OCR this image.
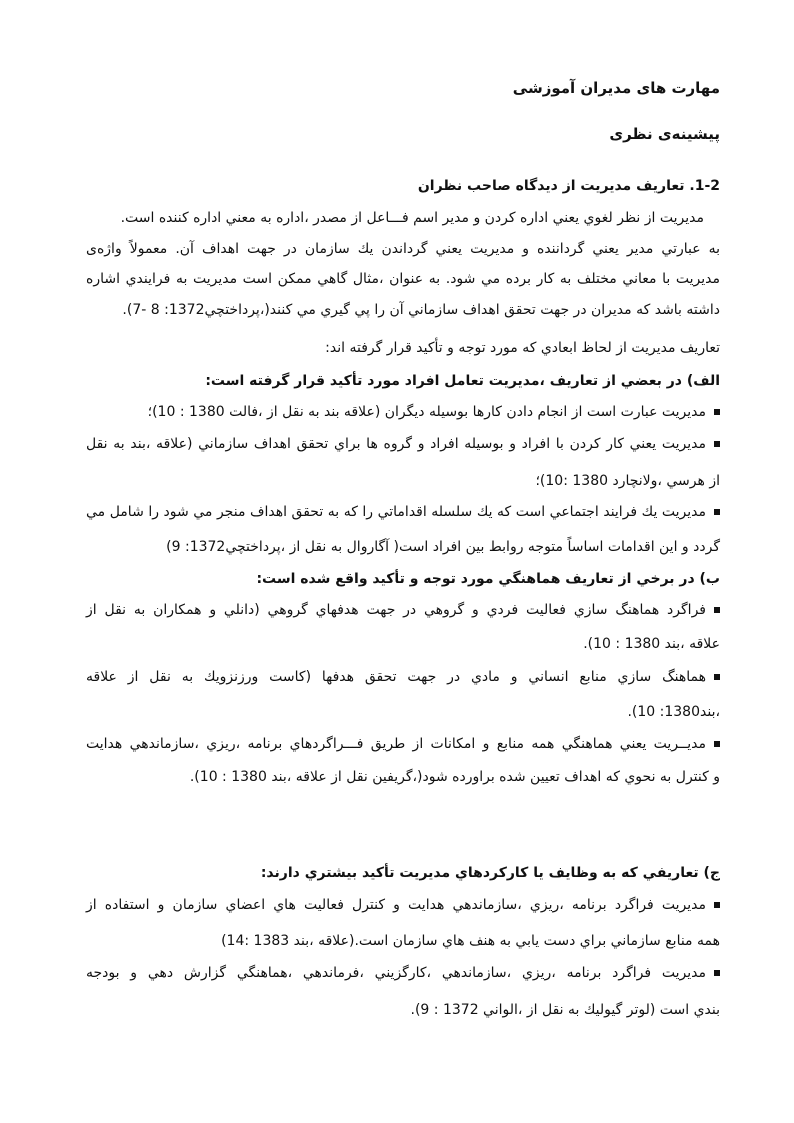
مهارت هاى مديران آموزشى
پيشينه‌ی نظری
1-2. تعاريف مديريت از ديدگاه صاحب نظران
مديريت از نظر لغوي يعني اداره كردن و مدير اسم فـــاعل از مصدر ،اداره به معني اداره كننده است.
به عبارتي مدير يعني گرداننده و مديريت يعني گرداندن يك سازمان در جهت اهداف آن. معمولاً واژه‌ی
مديريت با معاني مختلف به كار برده مي شود. به عنوان ،مثال گاهي ممكن است مديريت به فرايندي اشاره
داشته باشد كه مديران در جهت تحقق اهداف سازماني آن را پي گيري مي كنند(،پرداختچي1372: 8 -7).
تعاريف مديريت از لحاظ ابعادي كه مورد توجه و تأكيد قرار گرفته اند:
الف) در بعضي از تعاريف ،مديريت تعامل افراد مورد تأكيد قرار گرفته است:
مديريت عبارت است از انجام دادن كارها بوسيله ديگران (علاقه بند به نقل از ،فالت 1380 : 10)؛
مديريت يعني كار كردن با افراد و بوسيله افراد و گروه ها براي تحقق اهداف سازماني (علاقه ،بند به نقل
از هرسي ،ولانچارد 1380 :10)؛
مديريت يك فرايند اجتماعي است كه يك سلسله اقداماتي را كه به تحقق اهداف منجر مي شود را شامل مي
گردد و اين اقدامات اساساً متوجه روابط بين افراد است( آگاروال به نقل از ،پرداختچي1372: 9)
ب) در برخي از تعاريف هماهنگي مورد توجه و تأكيد واقع شده است:
فراگرد هماهنگ سازي فعاليت فردي و گروهي در جهت هدفهاي گروهي (دانلي و همكاران به نقل از
علاقه ،بند 1380 : 10).
هماهنگ سازي منابع انساني و مادي در جهت تحقق هدفها (كاست ورزنزويك به نقل از علاقه
،بند1380: 10).
مديــريت يعني هماهنگي همه منابع و امكانات از طريق فـــراگردهاي برنامه ،ريزي ،سازماندهي هدايت
و كنترل به نحوي كه اهداف تعيين شده براورده شود(،گريفين نقل از علاقه ،بند 1380 : 10).
ج) تعاريفي كه به وظايف يا كاركردهاي مديريت تأكيد بيشتري دارند:
مديريت فراگرد برنامه ،ريزي ،سازماندهي هدايت و كنترل فعاليت هاي اعضاي سازمان و استفاده از
همه منابع سازماني براي دست يابي به هنف هاي سازمان است.(علاقه ،بند 1383 :14)
مديريت فراگرد برنامه ،ريزي ،سازماندهي ،كارگزيني ،فرماندهي ،هماهنگي گزارش دهي و بودجه
بندي است (لوتر گيوليك به نقل از ،الواني 1372 : 9).
